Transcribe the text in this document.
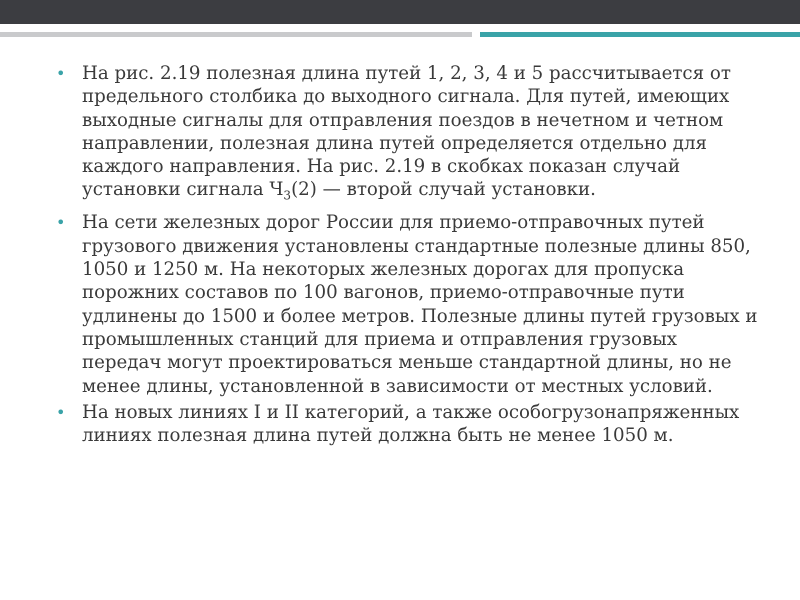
• На рис. 2.19 полезная длина путей 1, 2, 3, 4 и 5 рассчитывается от предельного столбика до выходного сигнала. Для путей, имеющих выходные сигналы для отправления поездов в нечетном и четном направлении, полезная длина путей определяется отдельно для каждого направления. На рис. 2.19 в скобках показан случай установки сигнала $Ч_3(2)$ — второй случай установки.
• На сети железных дорог России для приемо-отправочных путей грузового движения установлены стандартные полезные длины 850, 1050 и 1250 м. На некоторых железных дорогах для пропуска порожних составов по 100 вагонов, приемо-отправочные пути удлинены до 1500 и более метров. Полезные длины путей грузовых и промышленных станций для приема и отправления грузовых передач могут проектироваться меньше стандартной длины, но не менее длины, установленной в зависимости от местных условий.
• На новых линиях I и II категорий, а также особогрузонапряженных линиях полезная длина путей должна быть не менее 1050 м.
